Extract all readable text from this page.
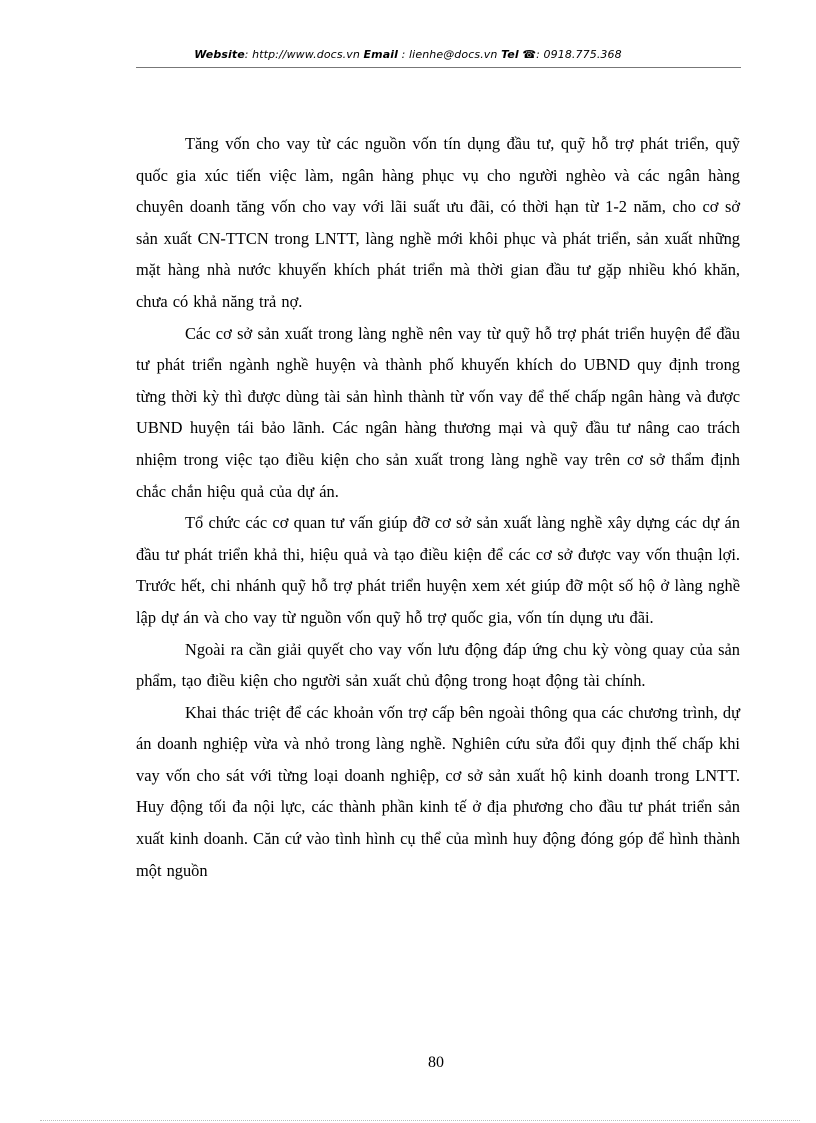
Website: http://www.docs.vn Email : lienhe@docs.vn Tel ☎: 0918.775.368

Tăng vốn cho vay từ các nguồn vốn tín dụng đầu tư, quỹ hỗ trợ phát triển, quỹ quốc gia xúc tiến việc làm, ngân hàng phục vụ cho người nghèo và các ngân hàng chuyên doanh tăng vốn cho vay với lãi suất ưu đãi, có thời hạn từ 1-2 năm, cho cơ sở sản xuất CN-TTCN trong LNTT, làng nghề mới khôi phục và phát triển, sản xuất những mặt hàng nhà nước khuyến khích phát triển mà thời gian đầu tư gặp nhiều khó khăn, chưa có khả năng trả nợ.

Các cơ sở sản xuất trong làng nghề nên vay từ quỹ hỗ trợ phát triển huyện để đầu tư phát triển ngành nghề huyện và thành phố khuyến khích do UBND quy định trong từng thời kỳ thì được dùng tài sản hình thành từ vốn vay để thế chấp ngân hàng và được UBND huyện tái bảo lãnh. Các ngân hàng thương mại và quỹ đầu tư nâng cao trách nhiệm trong việc tạo điều kiện cho sản xuất trong làng nghề vay trên cơ sở thẩm định chắc chắn hiệu quả của dự án.

Tổ chức các cơ quan tư vấn giúp đỡ cơ sở sản xuất làng nghề xây dựng các dự án đầu tư phát triển khả thi, hiệu quả và tạo điều kiện để các cơ sở được vay vốn thuận lợi. Trước hết, chi nhánh quỹ hỗ trợ phát triển huyện xem xét giúp đỡ một số hộ ở làng nghề lập dự án và cho vay từ nguồn vốn quỹ hỗ trợ quốc gia, vốn tín dụng ưu đãi.

Ngoài ra cần giải quyết cho vay vốn lưu động đáp ứng chu kỳ vòng quay của sản phẩm, tạo điều kiện cho người sản xuất chủ động trong hoạt động tài chính.

Khai thác triệt để các khoản vốn trợ cấp bên ngoài thông qua các chương trình, dự án doanh nghiệp vừa và nhỏ trong làng nghề. Nghiên cứu sửa đổi quy định thế chấp khi vay vốn cho sát với từng loại doanh nghiệp, cơ sở sản xuất hộ kinh doanh trong LNTT. Huy động tối đa nội lực, các thành phần kinh tế ở địa phương cho đầu tư phát triển sản xuất kinh doanh. Căn cứ vào tình hình cụ thể của mình huy động đóng góp để hình thành một nguồn

80
